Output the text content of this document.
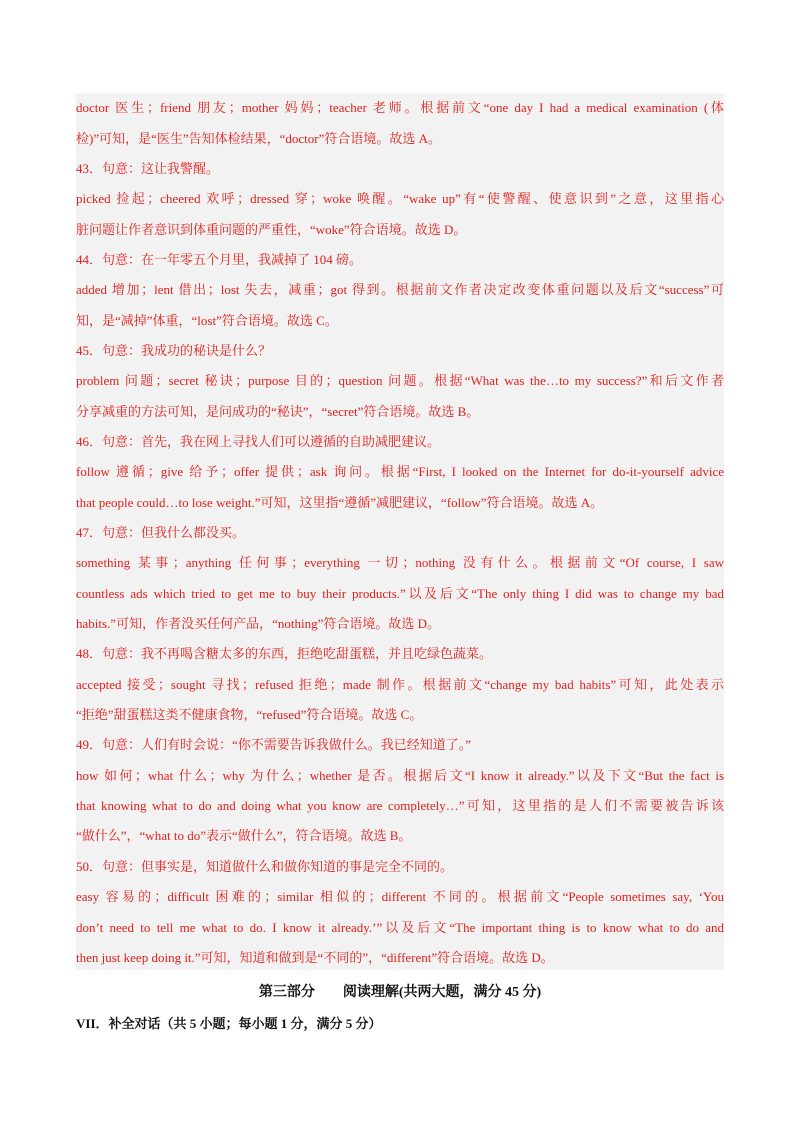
doctor 医生；friend 朋友；mother 妈妈；teacher 老师。根据前文“one day I had a medical examination (体
检)”可知，是“医生”告知体检结果，“doctor”符合语境。故选 A。
43．句意：这让我警醒。
picked 捡起；cheered 欢呼；dressed 穿；woke 唤醒。“wake up”有“使警醒、使意识到”之意，这里指心
脏问题让作者意识到体重问题的严重性，“woke”符合语境。故选 D。
44．句意：在一年零五个月里，我减掉了 104 磅。
added 增加；lent 借出；lost 失去，减重；got 得到。根据前文作者决定改变体重问题以及后文“success”可
知，是“减掉”体重，“lost”符合语境。故选 C。
45．句意：我成功的秘诀是什么？
problem 问题；secret 秘诀；purpose 目的；question 问题。根据“What was the…to my success?”和后文作者
分享减重的方法可知，是问成功的“秘诀”，“secret”符合语境。故选 B。
46．句意：首先，我在网上寻找人们可以遵循的自助减肥建议。
follow 遵循；give 给予；offer 提供；ask 询问。根据“First, I looked on the Internet for do-it-yourself advice
that people could…to lose weight.”可知，这里指“遵循”减肥建议，“follow”符合语境。故选 A。
47．句意：但我什么都没买。
something 某事；anything 任何事；everything 一切；nothing 没有什么。根据前文“Of course, I saw
countless ads which tried to get me to buy their products.”以及后文“The only thing I did was to change my bad
habits.”可知，作者没买任何产品，“nothing”符合语境。故选 D。
48．句意：我不再喝含糖太多的东西，拒绝吃甜蛋糕，并且吃绿色蔬菜。
accepted 接受；sought 寻找；refused 拒绝；made 制作。根据前文“change my bad habits”可知，此处表示
“拒绝”甜蛋糕这类不健康食物，“refused”符合语境。故选 C。
49．句意：人们有时会说：“你不需要告诉我做什么。我已经知道了。”
how 如何；what 什么；why 为什么；whether 是否。根据后文“I know it already.”以及下文“But the fact is
that knowing what to do and doing what you know are completely…”可知，这里指的是人们不需要被告诉该
“做什么”，“what to do”表示“做什么”，符合语境。故选 B。
50．句意：但事实是，知道做什么和做你知道的事是完全不同的。
easy 容易的；difficult 困难的；similar 相似的；different 不同的。根据前文“People sometimes say, ‘You
don’t need to tell me what to do. I know it already.’”以及后文“The important thing is to know what to do and
then just keep doing it.”可知，知道和做到是“不同的”，“different”符合语境。故选 D。
第三部分　　阅读理解(共两大题，满分 45 分)
VII．补全对话（共 5 小题；每小题 1 分，满分 5 分）
